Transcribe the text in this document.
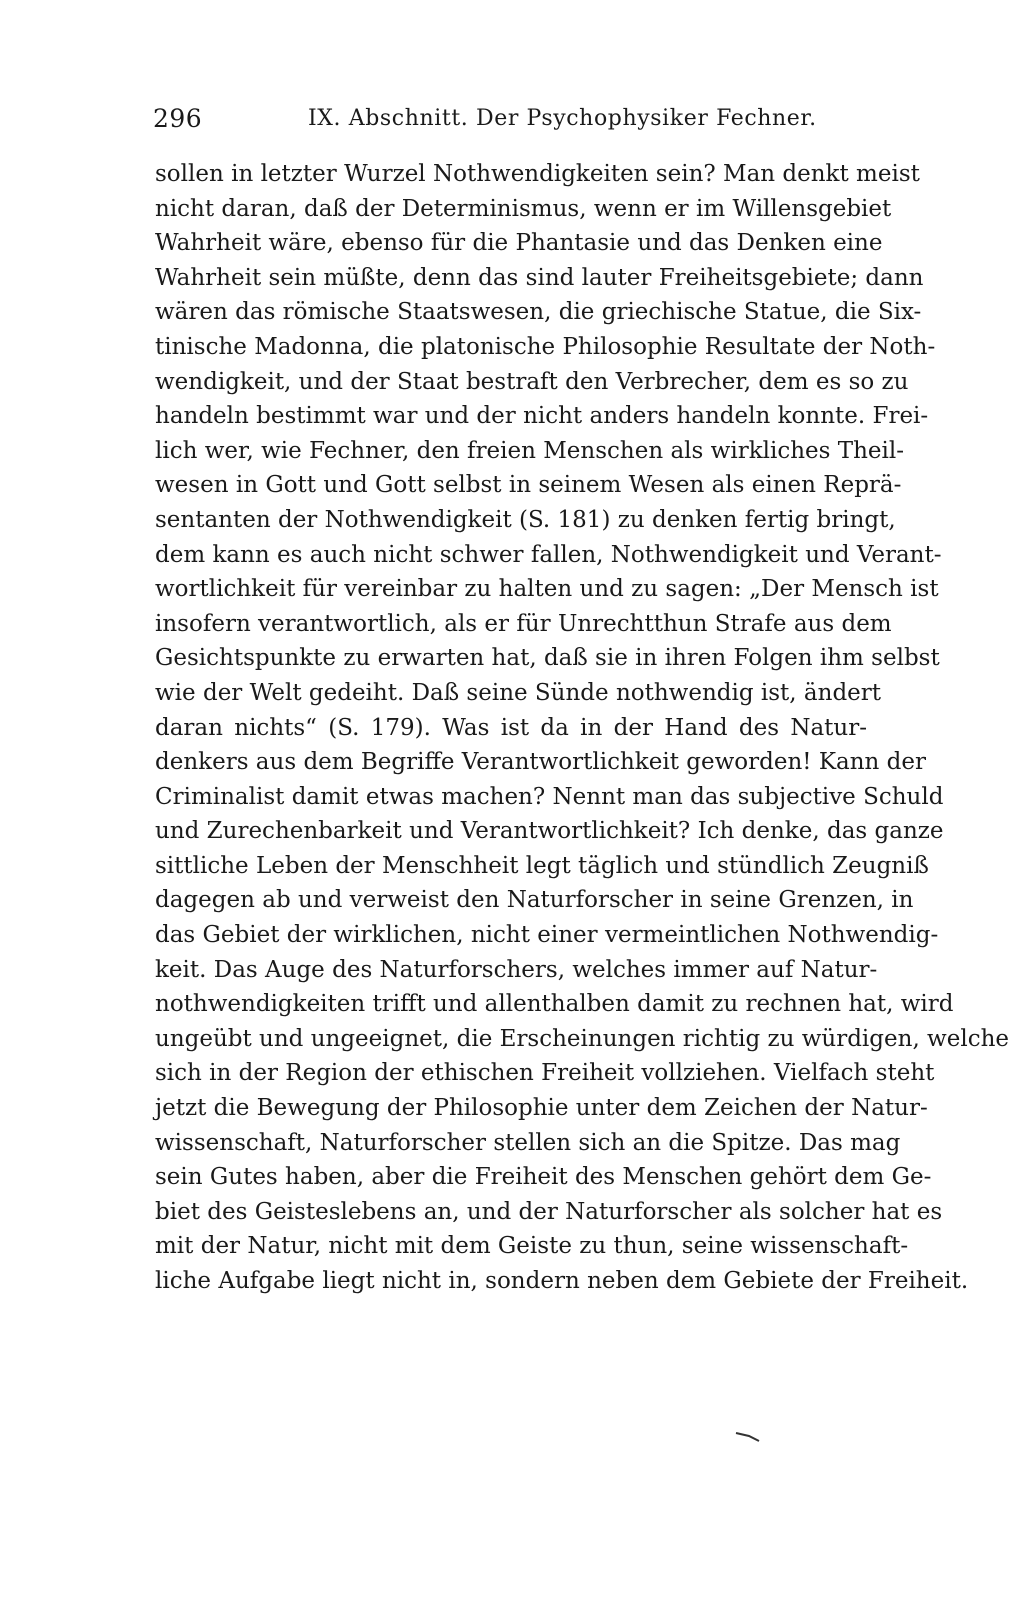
296	IX. Abschnitt. Der Psychophysiker Fechner.
sollen in letzter Wurzel Nothwendigkeiten sein? Man denkt meist
nicht daran, daß der Determinismus, wenn er im Willensgebiet
Wahrheit wäre, ebenso für die Phantasie und das Denken eine
Wahrheit sein müßte, denn das sind lauter Freiheitsgebiete; dann
wären das römische Staatswesen, die griechische Statue, die Six-
tinische Madonna, die platonische Philosophie Resultate der Noth-
wendigkeit, und der Staat bestraft den Verbrecher, dem es so zu
handeln bestimmt war und der nicht anders handeln konnte. Frei-
lich wer, wie Fechner, den freien Menschen als wirkliches Theil-
wesen in Gott und Gott selbst in seinem Wesen als einen Reprä-
sentanten der Nothwendigkeit (S. 181) zu denken fertig bringt,
dem kann es auch nicht schwer fallen, Nothwendigkeit und Verant-
wortlichkeit für vereinbar zu halten und zu sagen: „Der Mensch ist
insofern verantwortlich, als er für Unrechtthun Strafe aus dem
Gesichtspunkte zu erwarten hat, daß sie in ihren Folgen ihm selbst
wie der Welt gedeiht. Daß seine Sünde nothwendig ist, ändert
daran nichts“ (S. 179). Was ist da in der Hand des Natur-
denkers aus dem Begriffe Verantwortlichkeit geworden! Kann der
Criminalist damit etwas machen? Nennt man das subjective Schuld
und Zurechenbarkeit und Verantwortlichkeit? Ich denke, das ganze
sittliche Leben der Menschheit legt täglich und stündlich Zeugniß
dagegen ab und verweist den Naturforscher in seine Grenzen, in
das Gebiet der wirklichen, nicht einer vermeintlichen Nothwendig-
keit. Das Auge des Naturforschers, welches immer auf Natur-
nothwendigkeiten trifft und allenthalben damit zu rechnen hat, wird
ungeübt und ungeeignet, die Erscheinungen richtig zu würdigen, welche
sich in der Region der ethischen Freiheit vollziehen. Vielfach steht
jetzt die Bewegung der Philosophie unter dem Zeichen der Natur-
wissenschaft, Naturforscher stellen sich an die Spitze. Das mag
sein Gutes haben, aber die Freiheit des Menschen gehört dem Ge-
biet des Geisteslebens an, und der Naturforscher als solcher hat es
mit der Natur, nicht mit dem Geiste zu thun, seine wissenschaft-
liche Aufgabe liegt nicht in, sondern neben dem Gebiete der Freiheit.
